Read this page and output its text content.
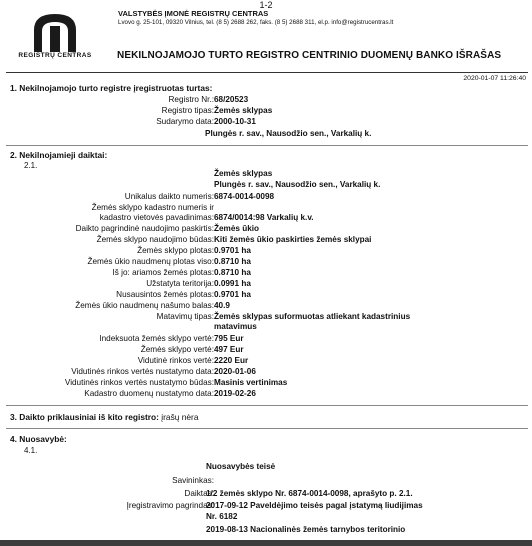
1-2
REGISTRŲ CENTRAS
VALSTYBĖS ĮMONĖ REGISTRŲ CENTRAS
Lvovo g. 25-101, 09320 Vilnius, tel. (8 5) 2688 262, faks. (8 5) 2688 311, el.p. info@registrucentras.lt
NEKILNOJAMOJO TURTO REGISTRO CENTRINIO DUOMENŲ BANKO IŠRAŠAS
2020-01-07 11:26:40
1. Nekilnojamojo turto registre įregistruotas turtas:
Registro Nr.: 68/20523
Registro tipas: Žemės sklypas
Sudarymo data: 2000-10-31
Plungės r. sav., Nausodžio sen., Varkalių k.
2. Nekilnojamieji daiktai:
2.1.
Žemės sklypas
Plungės r. sav., Nausodžio sen., Varkalių k.
Unikalus daikto numeris: 6874-0014-0098
Žemės sklypo kadastro numeris ir
kadastro vietovės pavadinimas: 6874/0014:98 Varkalių k.v.
Daikto pagrindinė naudojimo paskirtis: Žemės ūkio
Žemės sklypo naudojimo būdas: Kiti žemės ūkio paskirties žemės sklypai
Žemės sklypo plotas: 0.9701 ha
Žemės ūkio naudmenų plotas viso: 0.8710 ha
Iš jo: ariamos žemės plotas: 0.8710 ha
Užstatyta teritorija: 0.0991 ha
Nusausintos žemės plotas: 0.9701 ha
Žemės ūkio naudmenų našumo balas: 40.9
Matavimų tipas: Žemės sklypas suformuotas atliekant kadastrinius
matavimus
Indeksuota žemės sklypo vertė: 795 Eur
Žemės sklypo vertė: 497 Eur
Vidutinė rinkos vertė: 2220 Eur
Vidutinės rinkos vertės nustatymo data: 2020-01-06
Vidutinės rinkos vertės nustatymo būdas: Masinis vertinimas
Kadastro duomenų nustatymo data: 2019-02-26
3. Daikto priklausiniai iš kito registro: įrašų nėra
4. Nuosavybė:
4.1.
Nuosavybės teisė
Savininkas:
Daiktas:
1/2 žemės sklypo Nr. 6874-0014-0098, aprašyto p. 2.1.
Įregistravimo pagrindas:
2017-09-12 Paveldėjimo teisės pagal įstatymą liudijimas
Nr. 6182
2019-08-13 Nacionalinės žemės tarnybos teritorinio
